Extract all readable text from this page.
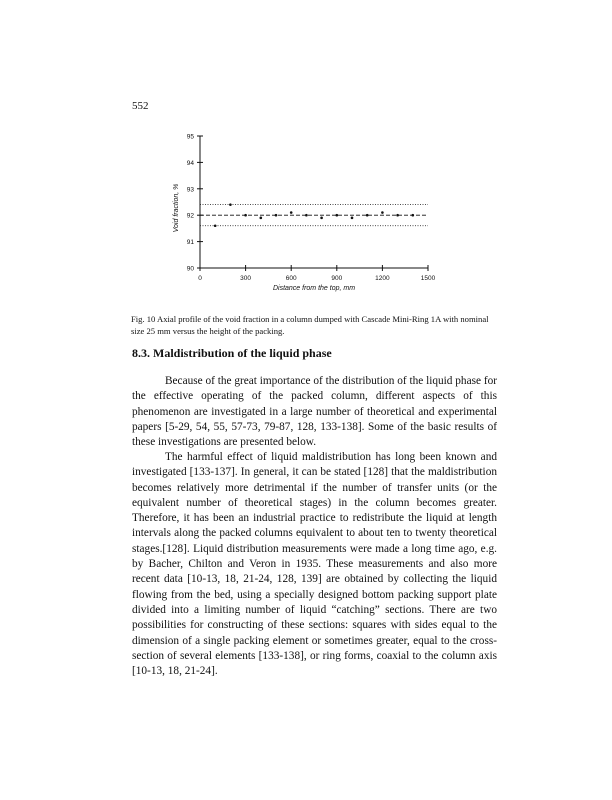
552
90
91
92
93
94
95
0	300	600	900	1200	1500
Distance from the top, mm
Void fraction, %
Fig. 10 Axial profile of the void fraction in a column dumped with Cascade Mini-Ring 1A with nominal size 25 mm versus the height of the packing.
8.3. Maldistribution of the liquid phase

Because of the great importance of the distribution of the liquid phase for the effective operating of the packed column, different aspects of this phenomenon are investigated in a large number of theoretical and experimental papers [5-29, 54, 55, 57-73, 79-87, 128, 133-138]. Some of the basic results of these investigations are presented below.

The harmful effect of liquid maldistribution has long been known and investigated [133-137]. In general, it can be stated [128] that the maldistribution becomes relatively more detrimental if the number of transfer units (or the equivalent number of theoretical stages) in the column becomes greater. Therefore, it has been an industrial practice to redistribute the liquid at length intervals along the packed columns equivalent to about ten to twenty theoretical stages.[128]. Liquid distribution measurements were made a long time ago, e.g. by Bacher, Chilton and Veron in 1935. These measurements and also more recent data [10-13, 18, 21-24, 128, 139] are obtained by collecting the liquid flowing from the bed, using a specially designed bottom packing support plate divided into a limiting number of liquid “catching” sections. There are two possibilities for constructing of these sections: squares with sides equal to the dimension of a single packing element or sometimes greater, equal to the cross-section of several elements [133-138], or ring forms, coaxial to the column axis [10-13, 18, 21-24].
